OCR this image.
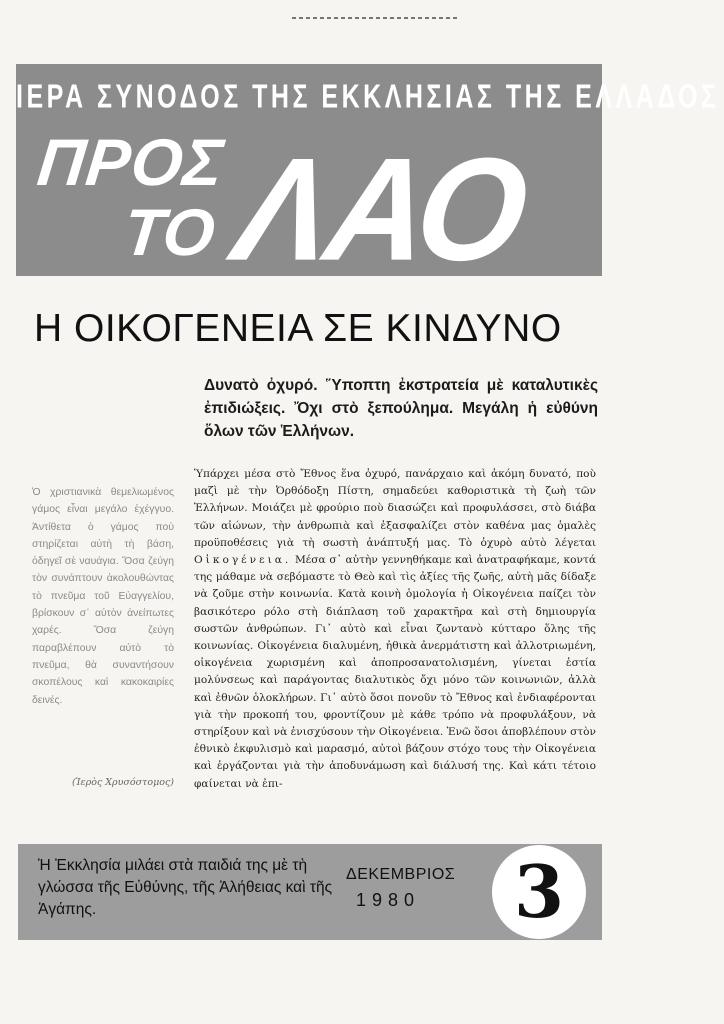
ΙΕΡΑ ΣΥΝΟΔΟΣ ΤΗΣ ΕΚΚΛΗΣΙΑΣ ΤΗΣ ΕΛΛΑΔΟΣ
ΠΡΟΣ
ΤΟ ΛΑΟ
Η ΟΙΚΟΓΕΝΕΙΑ ΣΕ ΚΙΝΔΥΝΟ
Δυνατὸ ὀχυρό. Ὕποπτη ἐκστρατεία μὲ καταλυτικὲς ἐπιδιώξεις. Ὄχι στὸ ξεπούλημα. Μεγάλη ἡ εὐθύνη ὅλων τῶν Ἑλλήνων.

Ὑπάρχει μέσα στὸ Ἔθνος ἕνα ὀχυρό, πανάρχαιο καὶ ἀκόμη δυνατό, ποὺ μαζὶ μὲ τὴν Ὀρθόδοξη Πίστη, σημαδεύει καθοριστικὰ τὴ ζωὴ τῶν Ἑλλήνων. Μοιάζει μὲ φρούριο ποὺ διασώζει καὶ προφυλάσσει, στὸ διάβα τῶν αἰώνων, τὴν ἀνθρωπιὰ καὶ ἐξασφαλίζει στὸν καθένα μας ὁμαλὲς προϋποθέσεις γιὰ τὴ σωστὴ ἀνάπτυξή μας. Τὸ ὀχυρὸ αὐτὸ λέγεται Οἰκογένεια. Μέσα σ᾽ αὐτὴν γεννηθήκαμε καὶ ἀνατραφήκαμε, κοντά της μάθαμε νὰ σεβόμαστε τὸ Θεὸ καὶ τὶς ἀξίες τῆς ζωῆς, αὐτὴ μᾶς δίδαξε νὰ ζοῦμε στὴν κοινωνία. Κατὰ κοινὴ ὁμολογία ἡ Οἰκογένεια παίζει τὸν βασικότερο ρόλο στὴ διάπλαση τοῦ χαρακτῆρα καὶ στὴ δημιουργία σωστῶν ἀνθρώπων. Γι᾽ αὐτὸ καὶ εἶναι ζωντανὸ κύτταρο ὅλης τῆς κοινωνίας. Οἰκογένεια διαλυμένη, ἠθικὰ ἀνερμάτιστη καὶ ἀλλοτριωμένη, οἰκογένεια χωρισμένη καὶ ἀποπροσανατολισμένη, γίνεται ἑστία μολύνσεως καὶ παράγοντας διαλυτικὸς ὄχι μόνο τῶν κοινωνιῶν, ἀλλὰ καὶ ἐθνῶν ὁλοκλήρων. Γι᾽ αὐτὸ ὅσοι πονοῦν τὸ Ἔθνος καὶ ἐνδιαφέρονται γιὰ τὴν προκοπή του, φροντίζουν μὲ κάθε τρόπο νὰ προφυλάξουν, νὰ στηρίξουν καὶ νὰ ἐνισχύσουν τὴν Οἰκογένεια. Ἐνῶ ὅσοι ἀποβλέπουν στὸν ἐθνικὸ ἐκφυλισμὸ καὶ μαρασμό, αὐτοὶ βάζουν στόχο τους τὴν Οἰκογένεια καὶ ἐργάζονται γιὰ τὴν ἀποδυνάμωση καὶ διάλυσή της. Καὶ κάτι τέτοιο φαίνεται νὰ ἐπι-

Ὁ χριστιανικὰ θεμελιωμένος γάμος εἶναι μεγάλο ἐχέγγυο. Ἀντίθετα ὁ γάμος ποὺ στηρίζεται αὐτὴ τὴ βάση, ὁδηγεῖ σὲ ναυάγια. Ὅσα ζεύγη τὸν συνάπτουν ἀκολουθώντας τὸ πνεῦμα τοῦ Εὐαγγελίου, βρίσκουν σ᾽ αὐτὸν ἀνείπωτες χαρές. Ὅσα ζεύγη παραβλέπουν αὐτὸ τὸ πνεῦμα, θὰ συναντήσουν σκοπέλους καὶ κακοκαιρίες δεινές.

(Ἱερὸς Χρυσόστομος)

Ἡ Ἐκκλησία μιλάει στὰ παιδιά της μὲ τὴ γλώσσα τῆς Εὐθύνης, τῆς Ἀλήθειας καὶ τῆς Ἀγάπης.

ΔΕΚΕΜΒΡΙΟΣ
1980	3
